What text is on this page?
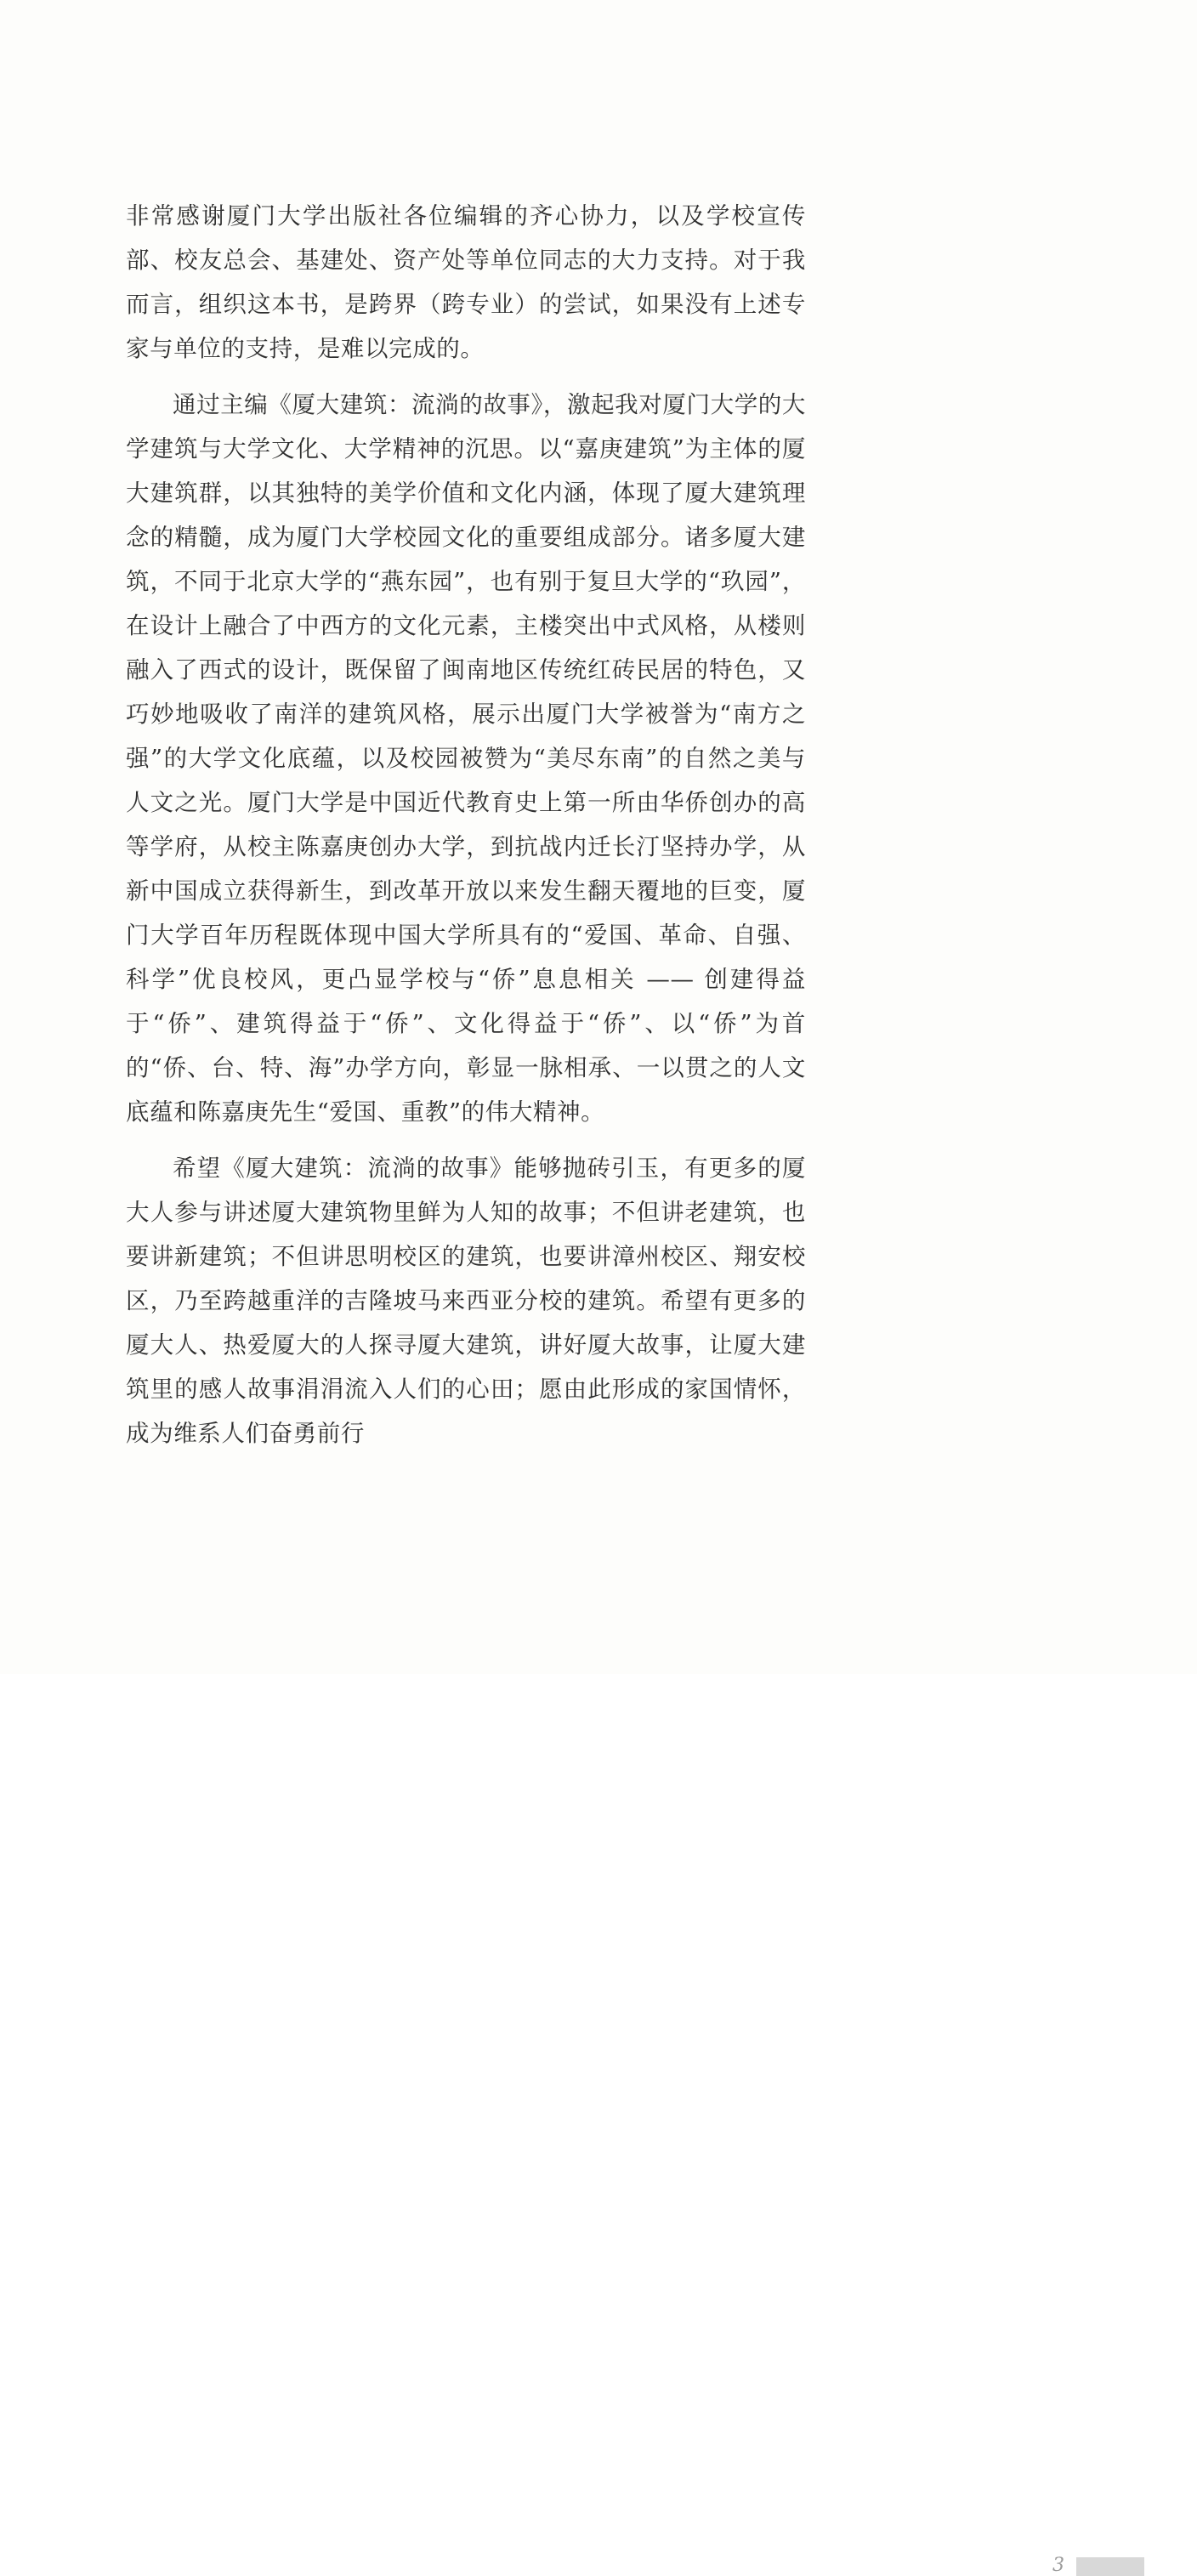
非常感谢厦门大学出版社各位编辑的齐心协力，以及学校宣传部、校友总会、基建处、资产处等单位同志的大力支持。对于我而言，组织这本书，是跨界（跨专业）的尝试，如果没有上述专家与单位的支持，是难以完成的。

通过主编《厦大建筑：流淌的故事》，激起我对厦门大学的大学建筑与大学文化、大学精神的沉思。以“嘉庚建筑”为主体的厦大建筑群，以其独特的美学价值和文化内涵，体现了厦大建筑理念的精髓，成为厦门大学校园文化的重要组成部分。诸多厦大建筑，不同于北京大学的“燕东园”，也有别于复旦大学的“玖园”，在设计上融合了中西方的文化元素，主楼突出中式风格，从楼则融入了西式的设计，既保留了闽南地区传统红砖民居的特色，又巧妙地吸收了南洋的建筑风格，展示出厦门大学被誉为“南方之强”的大学文化底蕴，以及校园被赞为“美尽东南”的自然之美与人文之光。厦门大学是中国近代教育史上第一所由华侨创办的高等学府，从校主陈嘉庚创办大学，到抗战内迁长汀坚持办学，从新中国成立获得新生，到改革开放以来发生翻天覆地的巨变，厦门大学百年历程既体现中国大学所具有的“爱国、革命、自强、科学”优良校风，更凸显学校与“侨”息息相关 —— 创建得益于“侨”、建筑得益于“侨”、文化得益于“侨”、以“侨”为首的“侨、台、特、海”办学方向，彰显一脉相承、一以贯之的人文底蕴和陈嘉庚先生“爱国、重教”的伟大精神。

希望《厦大建筑：流淌的故事》能够抛砖引玉，有更多的厦大人参与讲述厦大建筑物里鲜为人知的故事；不但讲老建筑，也要讲新建筑；不但讲思明校区的建筑，也要讲漳州校区、翔安校区，乃至跨越重洋的吉隆坡马来西亚分校的建筑。希望有更多的厦大人、热爱厦大的人探寻厦大建筑，讲好厦大故事，让厦大建筑里的感人故事涓涓流入人们的心田；愿由此形成的家国情怀，成为维系人们奋勇前行

3
